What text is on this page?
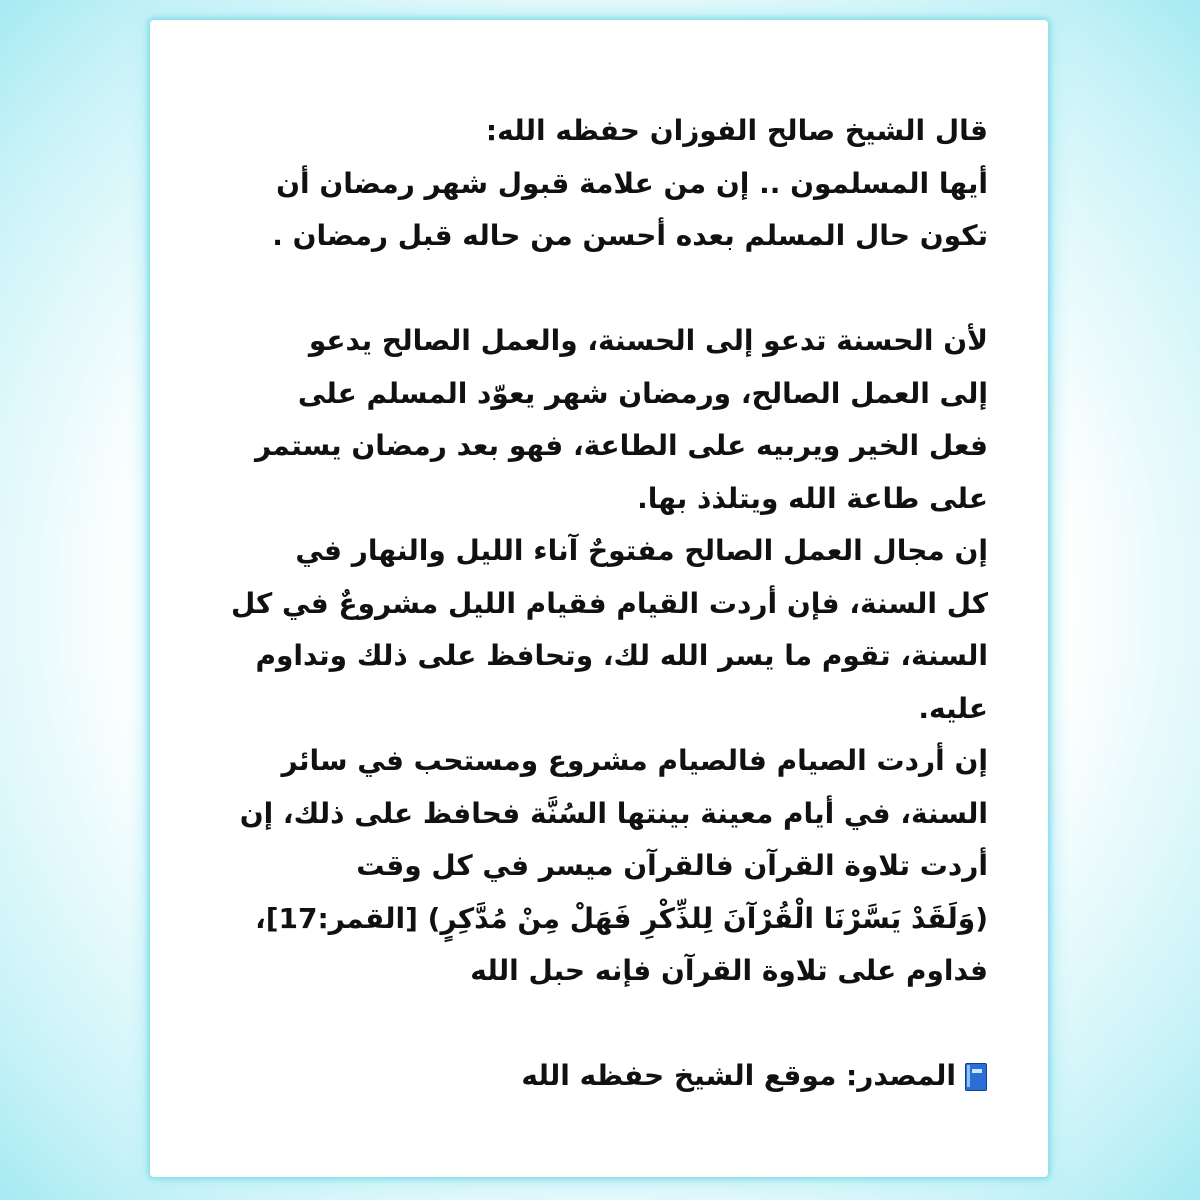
قال الشيخ صالح الفوزان حفظه الله:
أيها المسلمون .. إن من علامة قبول شهر رمضان أن
تكون حال المسلم بعده أحسن من حاله قبل رمضان .
لأن الحسنة تدعو إلى الحسنة، والعمل الصالح يدعو
إلى العمل الصالح، ورمضان شهر يعوّد المسلم على
فعل الخير ويربيه على الطاعة، فهو بعد رمضان يستمر
على طاعة الله ويتلذذ بها.
إن مجال العمل الصالح مفتوحٌ آناء الليل والنهار في
كل السنة، فإن أردت القيام فقيام الليل مشروعٌ في كل
السنة، تقوم ما يسر الله لك، وتحافظ على ذلك وتداوم
عليه.
إن أردت الصيام فالصيام مشروع ومستحب في سائر
السنة، في أيام معينة بينتها السُنَّة فحافظ على ذلك، إن
أردت تلاوة القرآن فالقرآن ميسر في كل وقت
(وَلَقَدْ يَسَّرْنَا الْقُرْآنَ لِلذِّكْرِ فَهَلْ مِنْ مُدَّكِرٍ) [القمر:17]،
فداوم على تلاوة القرآن فإنه حبل الله
المصدر: موقع الشيخ حفظه الله
